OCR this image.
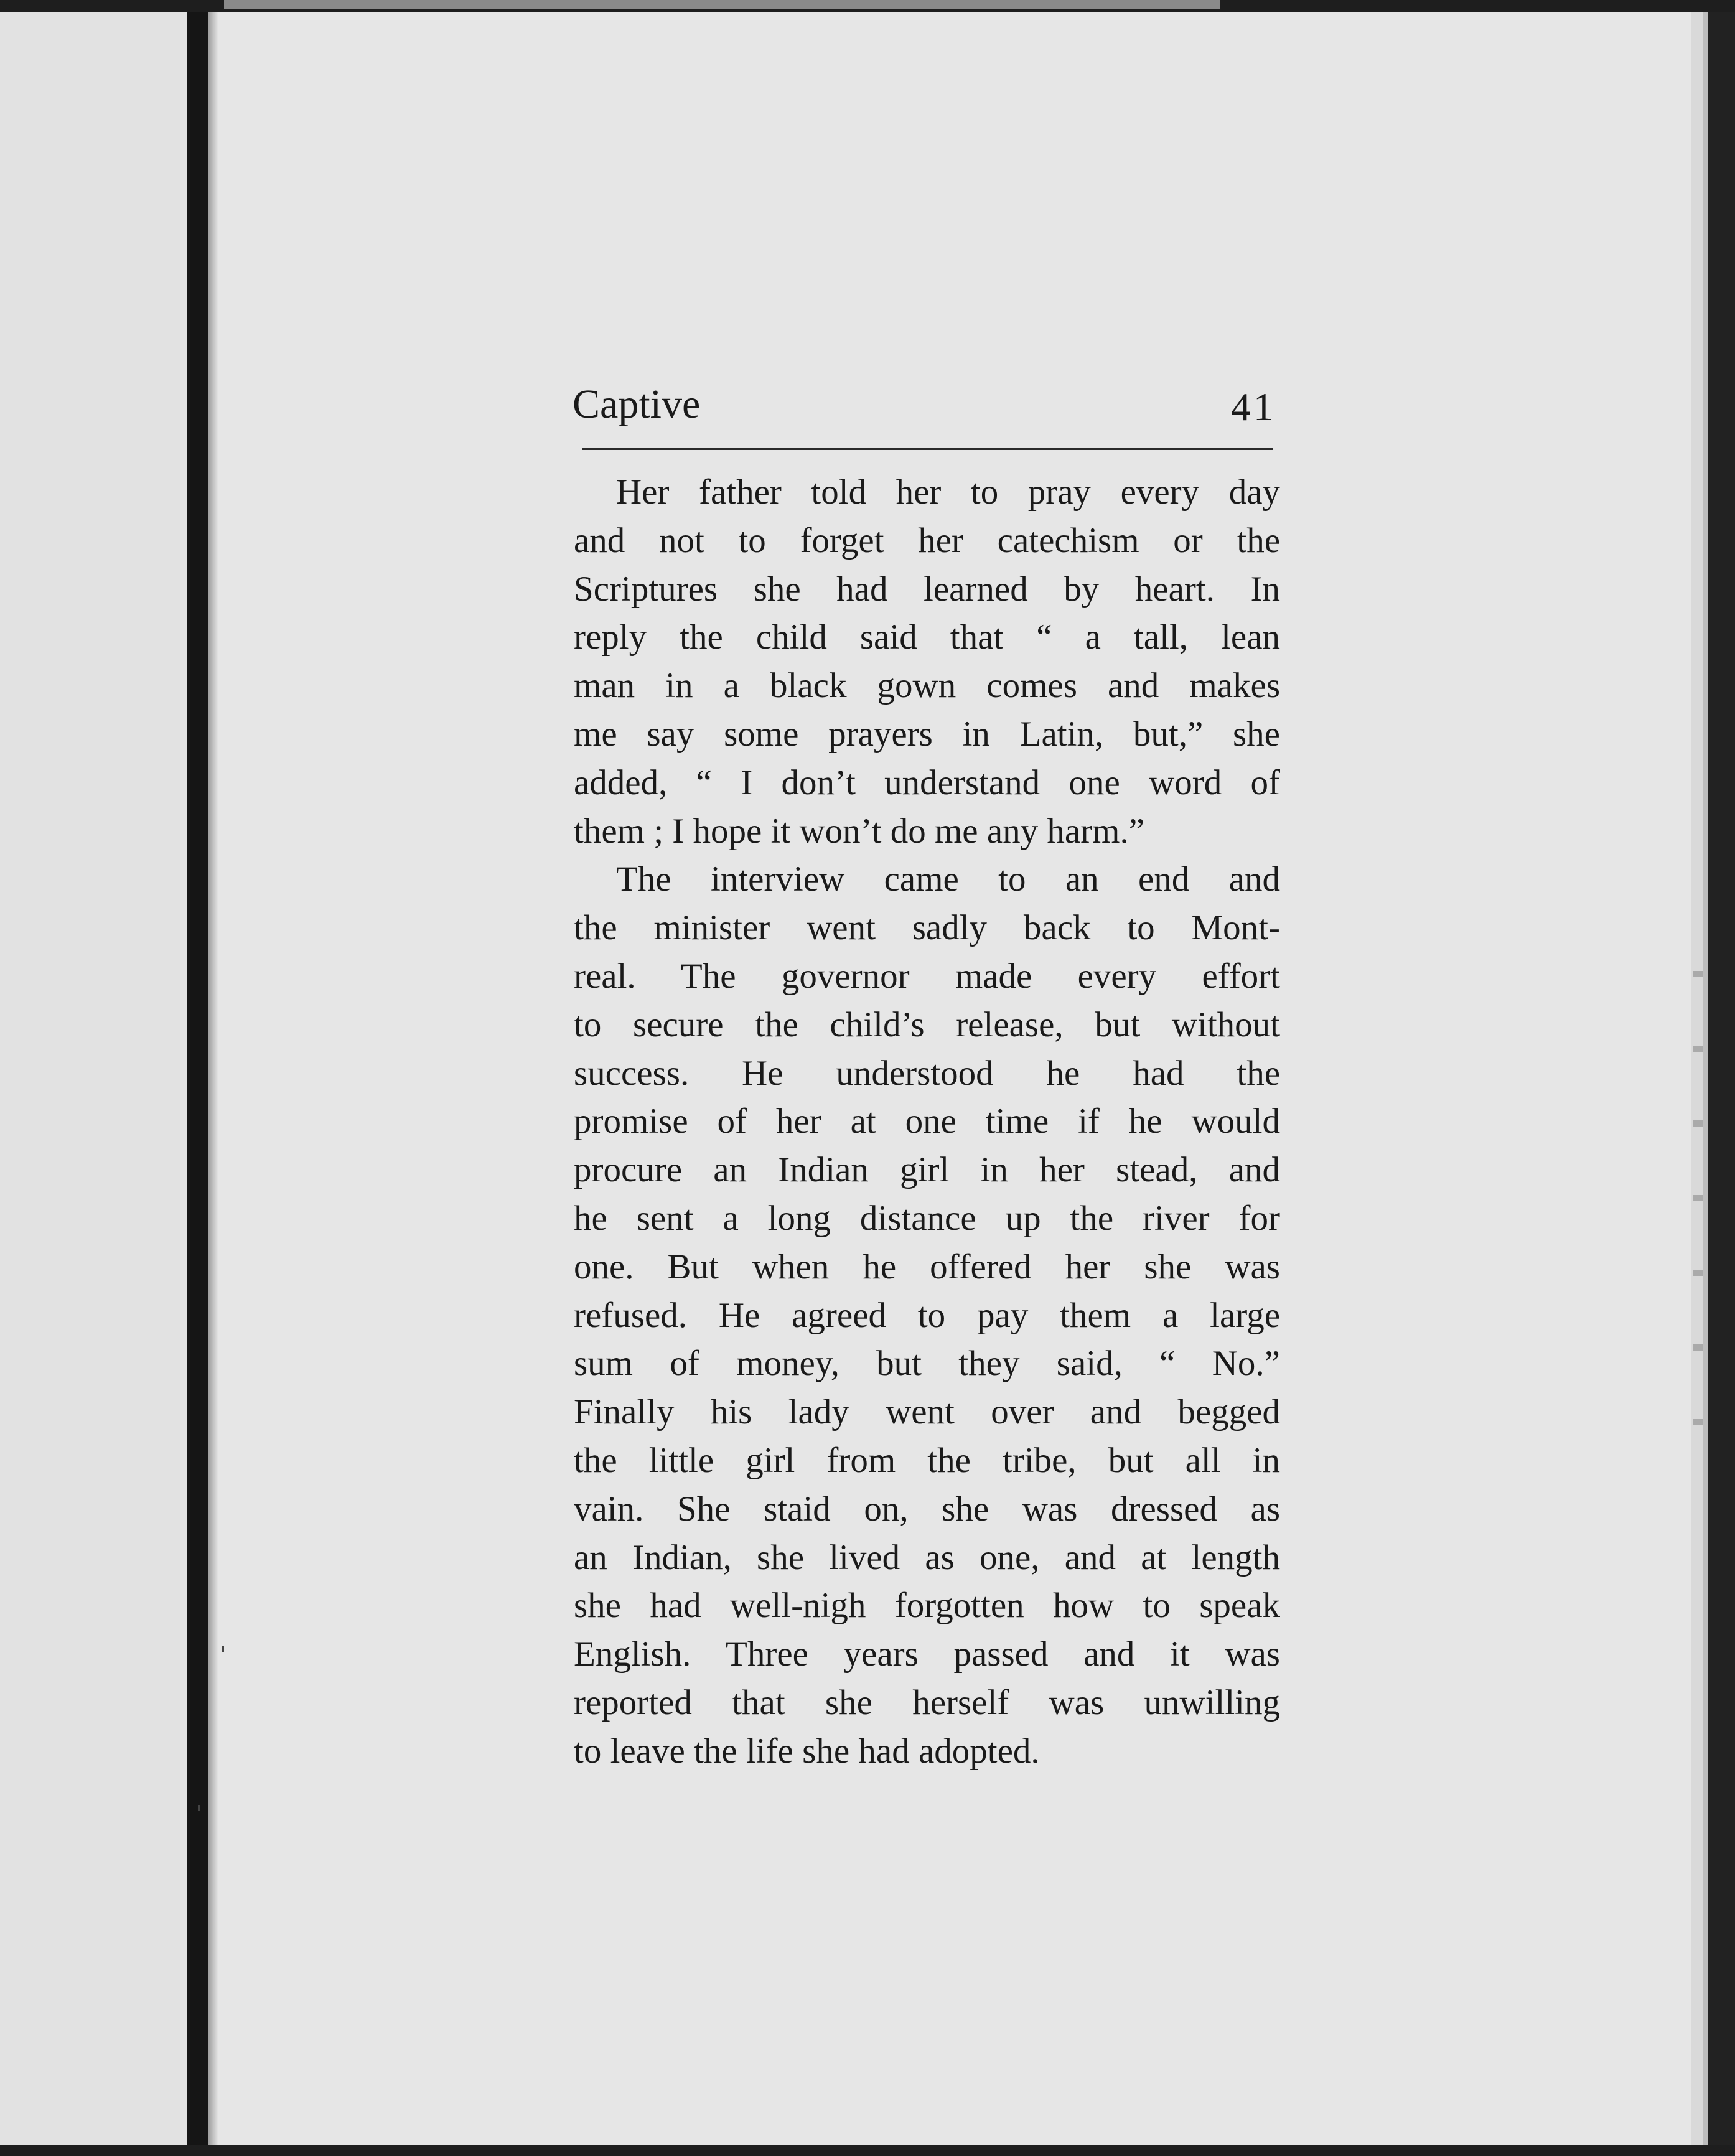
Captive	41
Her father told her to pray every day
and not to forget her catechism or the
Scriptures she had learned by heart. In
reply the child said that “ a tall, lean
man in a black gown comes and makes
me say some prayers in Latin, but,” she
added, “ I don’t understand one word of
them ; I hope it won’t do me any harm.”
The interview came to an end and
the minister went sadly back to Mont-
real. The governor made every effort
to secure the child’s release, but without
success. He understood he had the
promise of her at one time if he would
procure an Indian girl in her stead, and
he sent a long distance up the river for
one. But when he offered her she was
refused. He agreed to pay them a large
sum of money, but they said, “ No.”
Finally his lady went over and begged
the little girl from the tribe, but all in
vain. She staid on, she was dressed as
an Indian, she lived as one, and at length
she had well-nigh forgotten how to speak
English. Three years passed and it was
reported that she herself was unwilling
to leave the life she had adopted.
